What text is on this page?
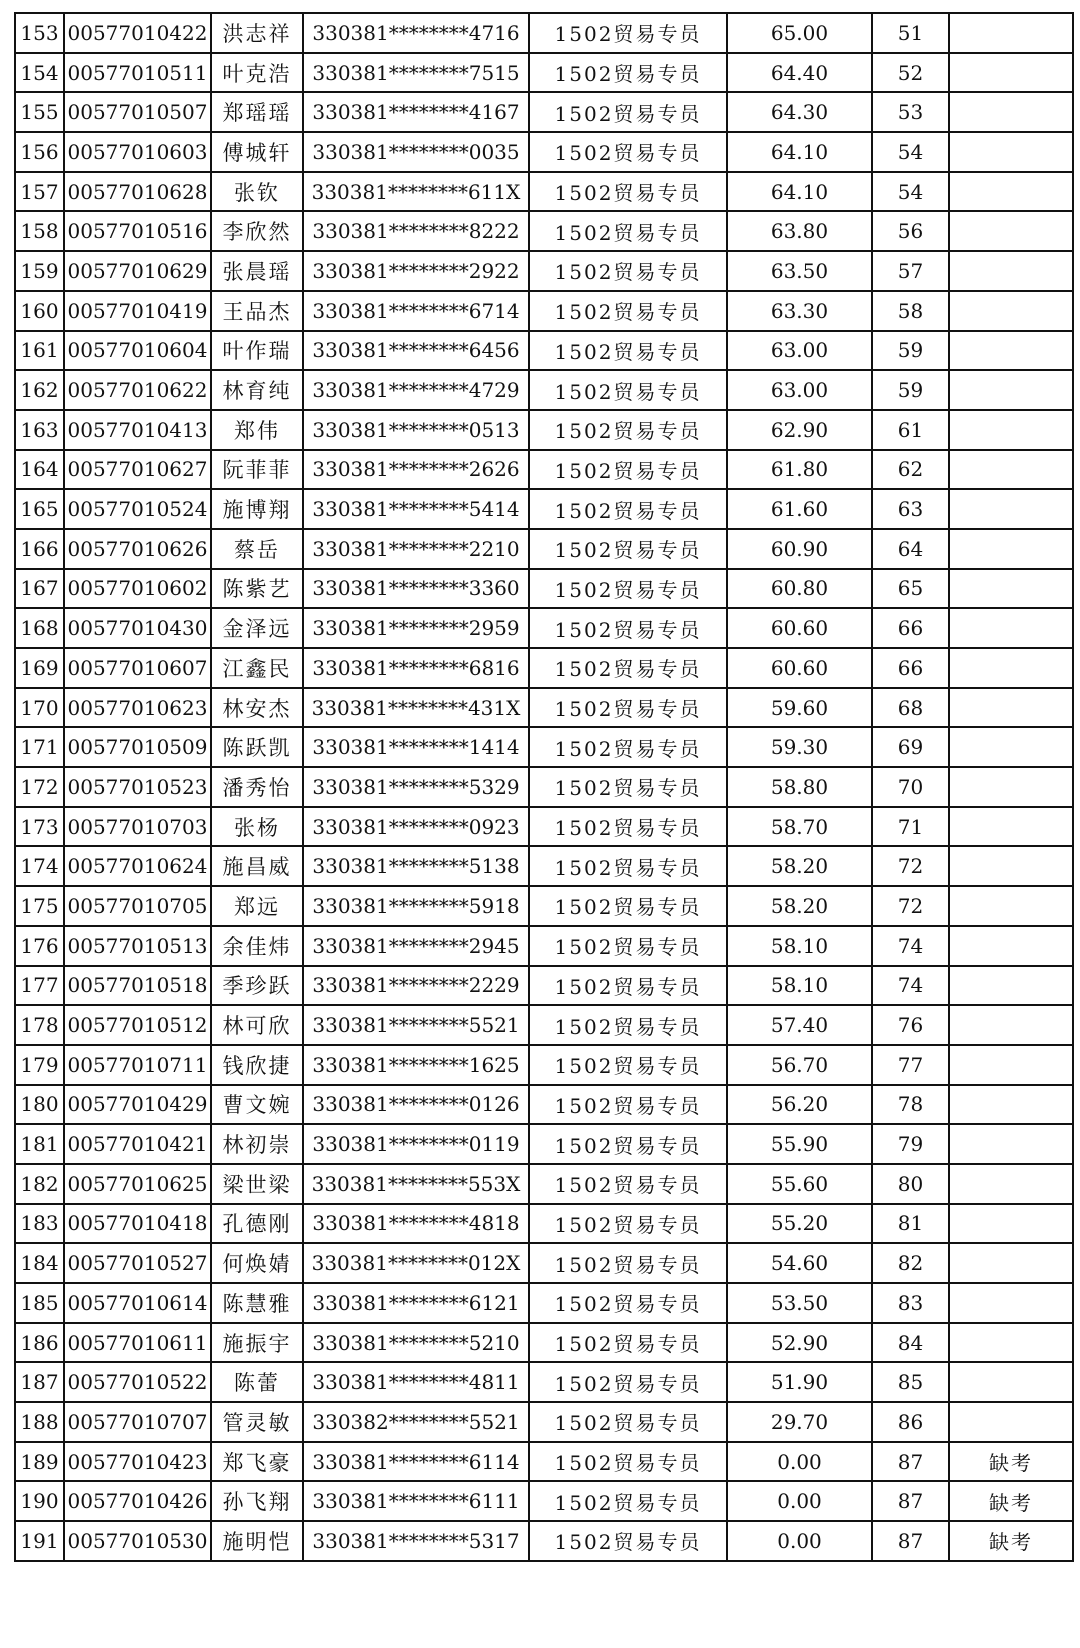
153	00577010422	洪志祥	330381********4716	1502贸易专员	65.00	51	
154	00577010511	叶克浩	330381********7515	1502贸易专员	64.40	52	
155	00577010507	郑瑶瑶	330381********4167	1502贸易专员	64.30	53	
156	00577010603	傅城轩	330381********0035	1502贸易专员	64.10	54	
157	00577010628	张钦	330381********611X	1502贸易专员	64.10	54	
158	00577010516	李欣然	330381********8222	1502贸易专员	63.80	56	
159	00577010629	张晨瑶	330381********2922	1502贸易专员	63.50	57	
160	00577010419	王品杰	330381********6714	1502贸易专员	63.30	58	
161	00577010604	叶作瑞	330381********6456	1502贸易专员	63.00	59	
162	00577010622	林育纯	330381********4729	1502贸易专员	63.00	59	
163	00577010413	郑伟	330381********0513	1502贸易专员	62.90	61	
164	00577010627	阮菲菲	330381********2626	1502贸易专员	61.80	62	
165	00577010524	施博翔	330381********5414	1502贸易专员	61.60	63	
166	00577010626	蔡岳	330381********2210	1502贸易专员	60.90	64	
167	00577010602	陈紫艺	330381********3360	1502贸易专员	60.80	65	
168	00577010430	金泽远	330381********2959	1502贸易专员	60.60	66	
169	00577010607	江鑫民	330381********6816	1502贸易专员	60.60	66	
170	00577010623	林安杰	330381********431X	1502贸易专员	59.60	68	
171	00577010509	陈跃凯	330381********1414	1502贸易专员	59.30	69	
172	00577010523	潘秀怡	330381********5329	1502贸易专员	58.80	70	
173	00577010703	张杨	330381********0923	1502贸易专员	58.70	71	
174	00577010624	施昌威	330381********5138	1502贸易专员	58.20	72	
175	00577010705	郑远	330381********5918	1502贸易专员	58.20	72	
176	00577010513	余佳炜	330381********2945	1502贸易专员	58.10	74	
177	00577010518	季珍跃	330381********2229	1502贸易专员	58.10	74	
178	00577010512	林可欣	330381********5521	1502贸易专员	57.40	76	
179	00577010711	钱欣捷	330381********1625	1502贸易专员	56.70	77	
180	00577010429	曹文婉	330381********0126	1502贸易专员	56.20	78	
181	00577010421	林初崇	330381********0119	1502贸易专员	55.90	79	
182	00577010625	梁世梁	330381********553X	1502贸易专员	55.60	80	
183	00577010418	孔德刚	330381********4818	1502贸易专员	55.20	81	
184	00577010527	何焕婧	330381********012X	1502贸易专员	54.60	82	
185	00577010614	陈慧雅	330381********6121	1502贸易专员	53.50	83	
186	00577010611	施振宇	330381********5210	1502贸易专员	52.90	84	
187	00577010522	陈蕾	330381********4811	1502贸易专员	51.90	85	
188	00577010707	管灵敏	330382********5521	1502贸易专员	29.70	86	
189	00577010423	郑飞豪	330381********6114	1502贸易专员	0.00	87	缺考
190	00577010426	孙飞翔	330381********6111	1502贸易专员	0.00	87	缺考
191	00577010530	施明恺	330381********5317	1502贸易专员	0.00	87	缺考
